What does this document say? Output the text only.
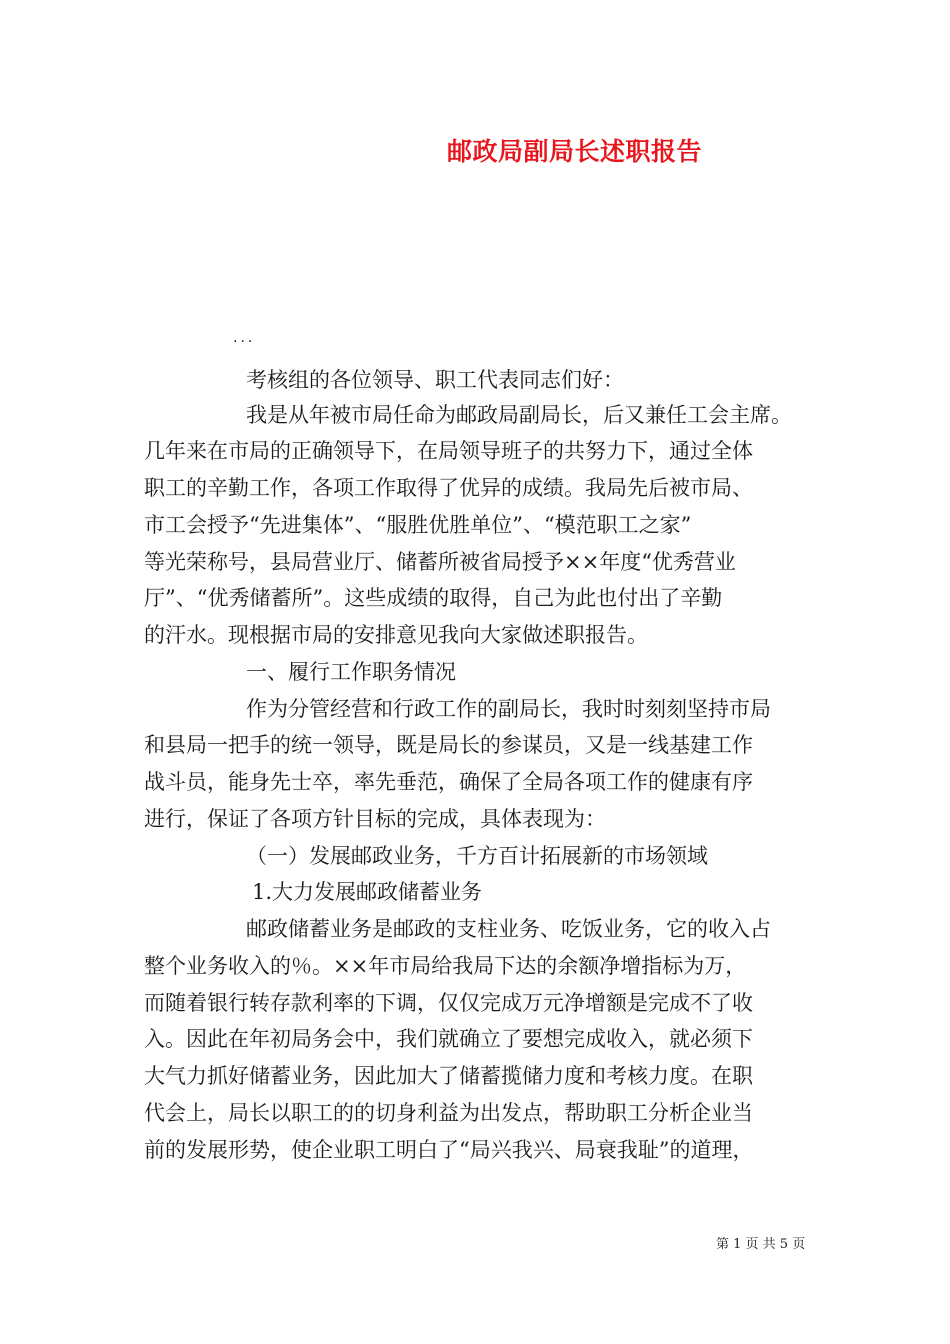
邮政局副局长述职报告
...
考核组的各位领导、职工代表同志们好：
我是从年被市局任命为邮政局副局长，后又兼任工会主席。
几年来在市局的正确领导下，在局领导班子的共努力下，通过全体
职工的辛勤工作，各项工作取得了优异的成绩。我局先后被市局、
市工会授予“先进集体”、“服胜优胜单位”、“模范职工之家”
等光荣称号，县局营业厅、储蓄所被省局授予××年度“优秀营业
厅”、“优秀储蓄所”。这些成绩的取得，自己为此也付出了辛勤
的汗水。现根据市局的安排意见我向大家做述职报告。
一、履行工作职务情况
作为分管经营和行政工作的副局长，我时时刻刻坚持市局
和县局一把手的统一领导，既是局长的参谋员，又是一线基建工作
战斗员，能身先士卒，率先垂范，确保了全局各项工作的健康有序
进行，保证了各项方针目标的完成，具体表现为：
（一）发展邮政业务，千方百计拓展新的市场领域
1.大力发展邮政储蓄业务
邮政储蓄业务是邮政的支柱业务、吃饭业务，它的收入占
整个业务收入的％。××年市局给我局下达的余额净增指标为万，
而随着银行转存款利率的下调，仅仅完成万元净增额是完成不了收
入。因此在年初局务会中，我们就确立了要想完成收入，就必须下
大气力抓好储蓄业务，因此加大了储蓄揽储力度和考核力度。在职
代会上，局长以职工的的切身利益为出发点，帮助职工分析企业当
前的发展形势，使企业职工明白了“局兴我兴、局衰我耻”的道理，
第 1 页 共 5 页
